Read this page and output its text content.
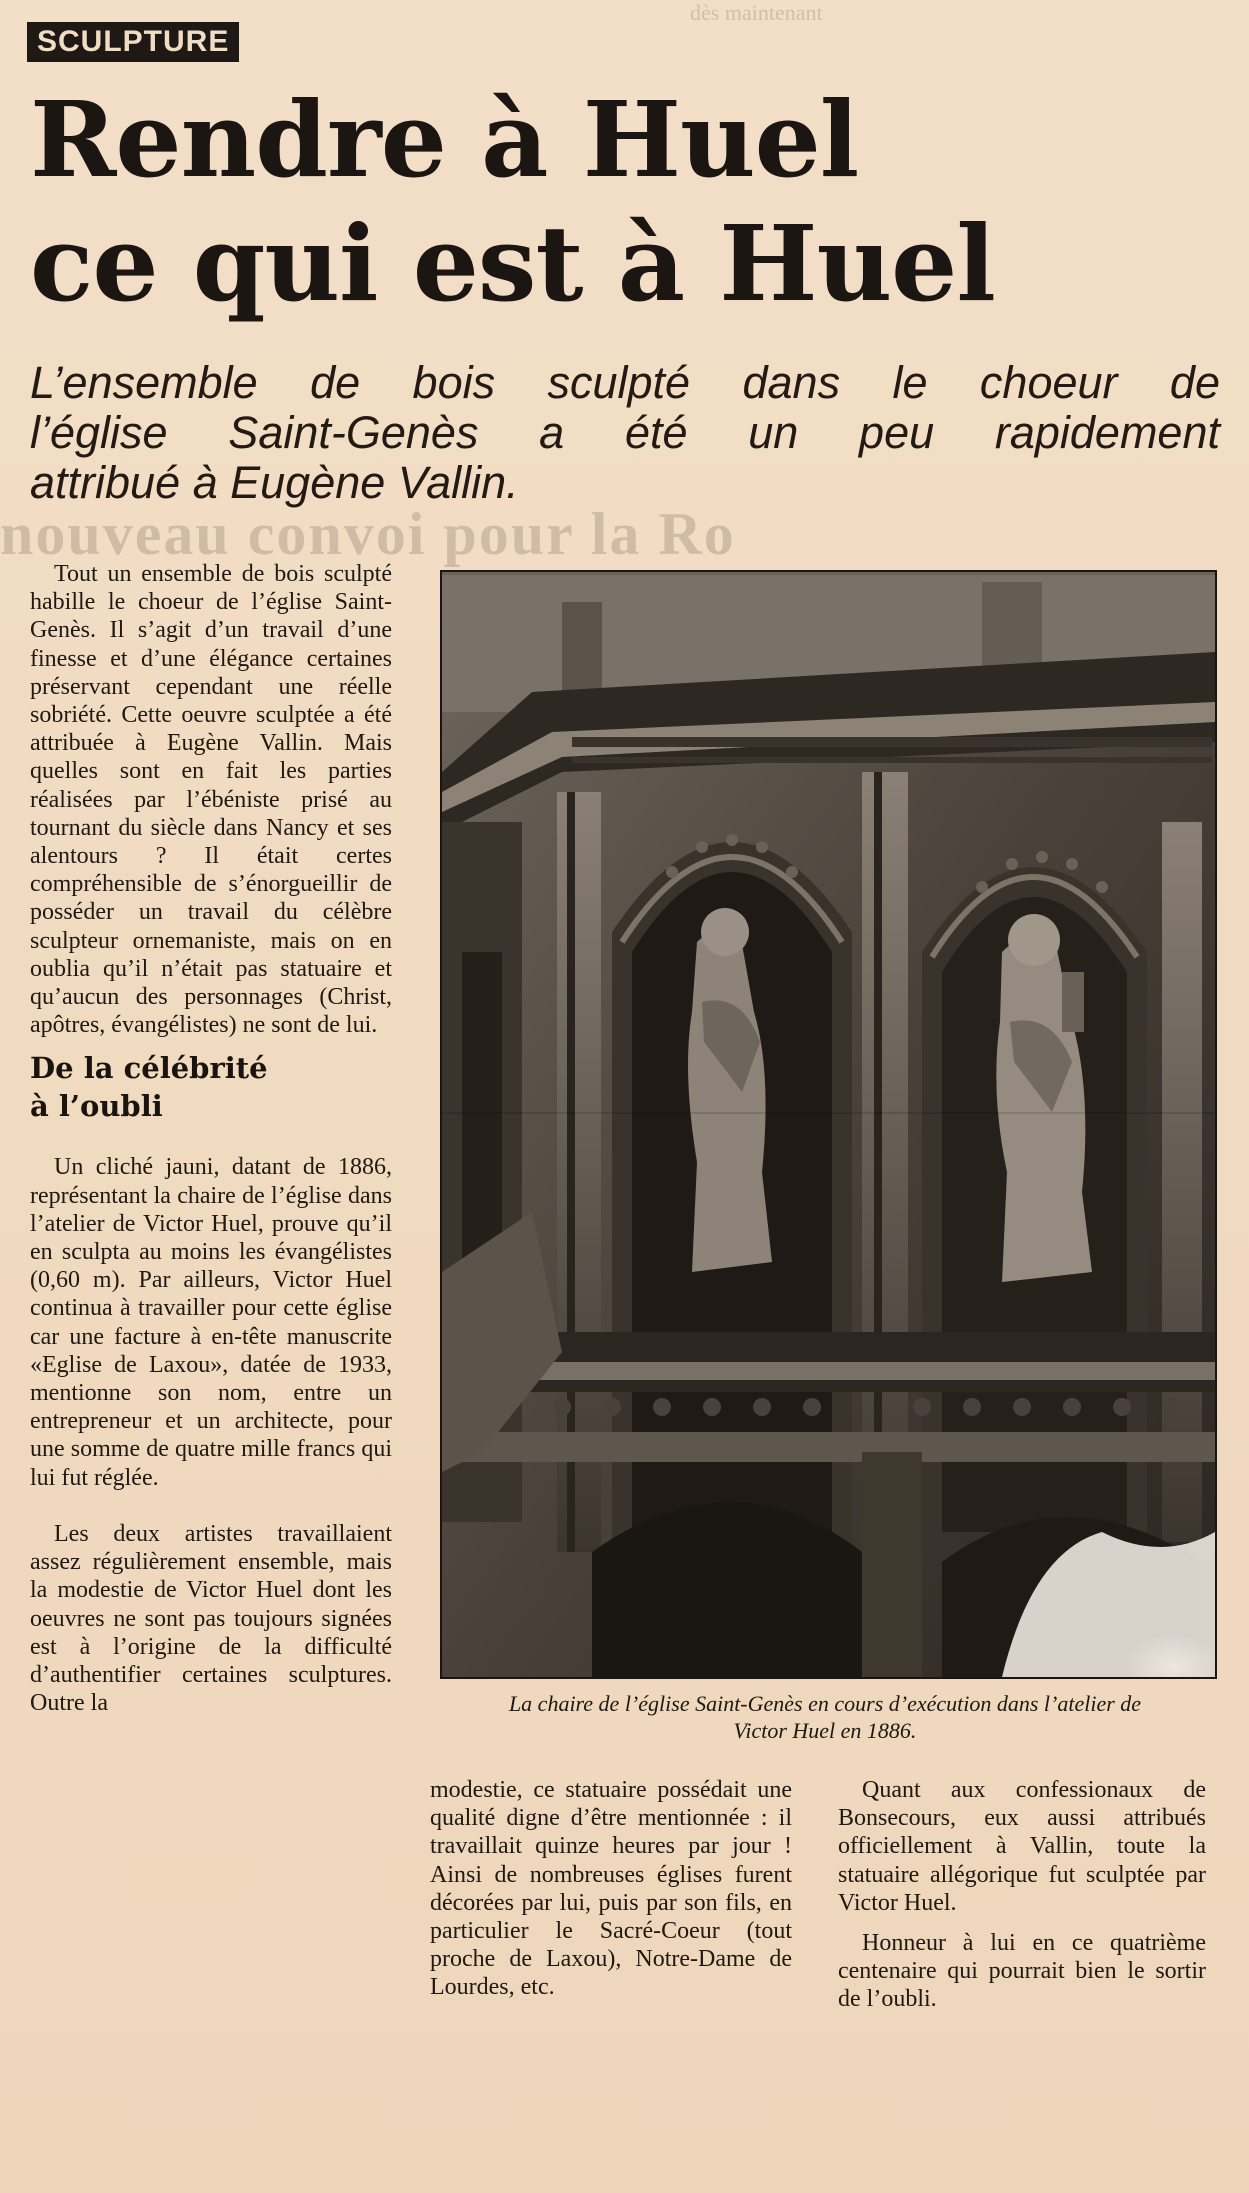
dès maintenant
nouveau convoi pour la Ro
SCULPTURE
Rendre à Huel
ce qui est à Huel
L’ensemble de bois sculpté dans le choeur de
l’église Saint-Genès a été un peu rapidement
attribué à Eugène Vallin.

Tout un ensemble de bois sculpté habille le choeur de l’église Saint-Genès. Il s’agit d’un travail d’une finesse et d’une élégance certaines préservant cependant une réelle sobriété. Cette oeuvre sculptée a été attribuée à Eugène Vallin. Mais quelles sont en fait les parties réalisées par l’ébéniste prisé au tournant du siècle dans Nancy et ses alentours ? Il était certes compréhensible de s’énorgueillir de posséder un travail du célèbre sculpteur ornemaniste, mais on en oublia qu’il n’était pas statuaire et qu’aucun des personnages (Christ, apôtres, évangélistes) ne sont de lui.

De la célébrité
à l’oubli

Un cliché jauni, datant de 1886, représentant la chaire de l’église dans l’atelier de Victor Huel, prouve qu’il en sculpta au moins les évangélistes (0,60 m). Par ailleurs, Victor Huel continua à travailler pour cette église car une facture à en-tête manuscrite «Eglise de Laxou», datée de 1933, mentionne son nom, entre un entrepreneur et un architecte, pour une somme de quatre mille francs qui lui fut réglée.

Les deux artistes travaillaient assez régulièrement ensemble, mais la modestie de Victor Huel dont les oeuvres ne sont pas toujours signées est à l’origine de la difficulté d’authentifier certaines sculptures. Outre la	La chaire de l’église Saint-Genès en cours d’exécution dans l’atelier de
Victor Huel en 1886.

modestie, ce statuaire possédait une qualité digne d’être mentionnée : il travaillait quinze heures par jour ! Ainsi de nombreuses églises furent décorées par lui, puis par son fils, en particulier le Sacré-Coeur (tout proche de Laxou), Notre-Dame de Lourdes, etc.

Quant aux confessionaux de Bonsecours, eux aussi attribués officiellement à Vallin, toute la statuaire allégorique fut sculptée par Victor Huel.

Honneur à lui en ce quatrième centenaire qui pourrait bien le sortir de l’oubli.
